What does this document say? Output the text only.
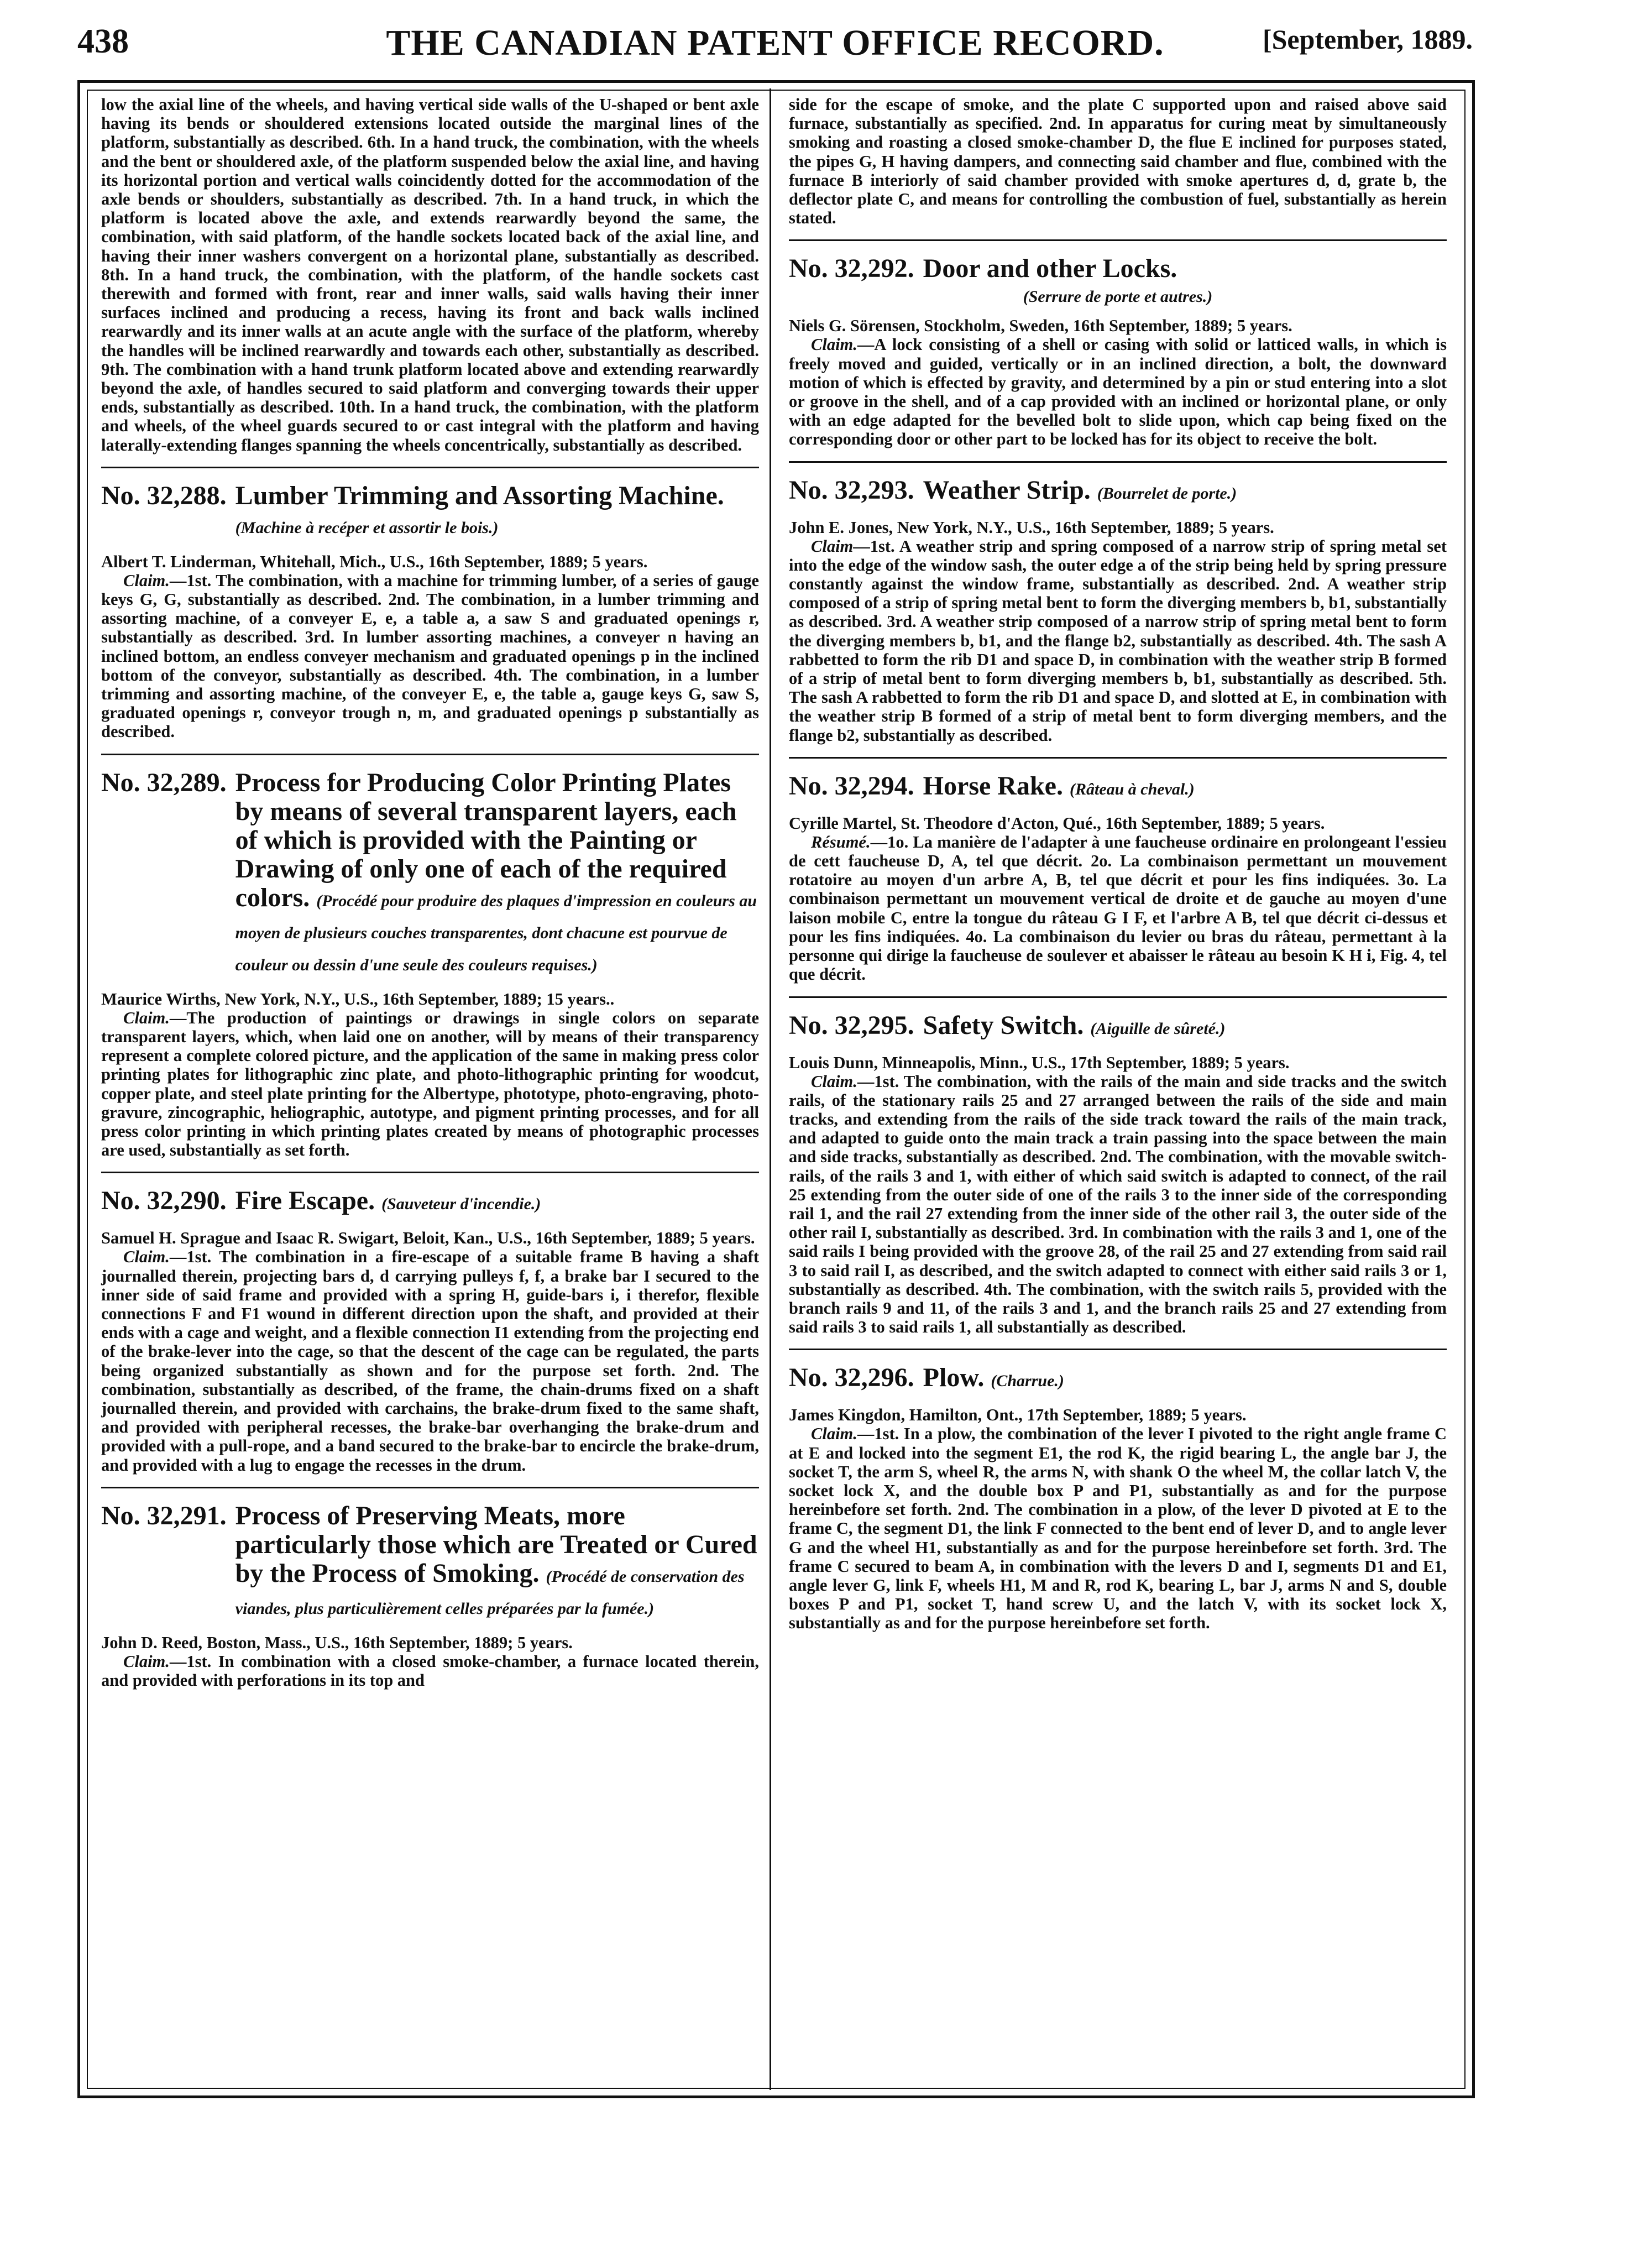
438	THE CANADIAN PATENT OFFICE RECORD.	[September, 1889.

low the axial line of the wheels, and having vertical side walls of the U-shaped or bent axle having its bends or shouldered extensions located outside the marginal lines of the platform, substantially as described. 6th. In a hand truck, the combination, with the wheels and the bent or shouldered axle, of the platform suspended below the axial line, and having its horizontal portion and vertical walls coincidently dotted for the accommodation of the axle bends or shoulders, substantially as described. 7th. In a hand truck, in which the platform is located above the axle, and extends rearwardly beyond the same, the combination, with said platform, of the handle sockets located back of the axial line, and having their inner washers convergent on a horizontal plane, substantially as described. 8th. In a hand truck, the combination, with the platform, of the handle sockets cast therewith and formed with front, rear and inner walls, said walls having their inner surfaces inclined and producing a recess, having its front and back walls inclined rearwardly and its inner walls at an acute angle with the surface of the platform, whereby the handles will be inclined rearwardly and towards each other, substantially as described. 9th. The combination with a hand trunk platform located above and extending rearwardly beyond the axle, of handles secured to said platform and converging towards their upper ends, substantially as described. 10th. In a hand truck, the combination, with the platform and wheels, of the wheel guards secured to or cast integral with the platform and having laterally-extending flanges spanning the wheels concentrically, substantially as described.

No. 32,288. Lumber Trimming and Assorting Machine. (Machine à recéper et assortir le bois.)

Albert T. Linderman, Whitehall, Mich., U.S., 16th September, 1889; 5 years.

Claim.—1st. The combination, with a machine for trimming lumber, of a series of gauge keys G, G, substantially as described. 2nd. The combination, in a lumber trimming and assorting machine, of a conveyer E, e, a table a, a saw S and graduated openings r, substantially as described. 3rd. In lumber assorting machines, a conveyer n having an inclined bottom, an endless conveyer mechanism and graduated openings p in the inclined bottom of the conveyor, substantially as described. 4th. The combination, in a lumber trimming and assorting machine, of the conveyer E, e, the table a, gauge keys G, saw S, graduated openings r, conveyor trough n, m, and graduated openings p substantially as described.

No. 32,289. Process for Producing Color Printing Plates by means of several transparent layers, each of which is provided with the Painting or Drawing of only one of each of the required colors. (Procédé pour produire des plaques d'impression en couleurs au moyen de plusieurs couches transparentes, dont chacune est pourvue de couleur ou dessin d'une seule des couleurs requises.)

Maurice Wirths, New York, N.Y., U.S., 16th September, 1889; 15 years..

Claim.—The production of paintings or drawings in single colors on separate transparent layers, which, when laid one on another, will by means of their transparency represent a complete colored picture, and the application of the same in making press color printing plates for lithographic zinc plate, and photo-lithographic printing for woodcut, copper plate, and steel plate printing for the Albertype, phototype, photo-engraving, photo-gravure, zincographic, heliographic, autotype, and pigment printing processes, and for all press color printing in which printing plates created by means of photographic processes are used, substantially as set forth.

No. 32,290. Fire Escape. (Sauveteur d'incendie.)

Samuel H. Sprague and Isaac R. Swigart, Beloit, Kan., U.S., 16th September, 1889; 5 years.

Claim.—1st. The combination in a fire-escape of a suitable frame B having a shaft journalled therein, projecting bars d, d carrying pulleys f, f, a brake bar I secured to the inner side of said frame and provided with a spring H, guide-bars i, i therefor, flexible connections F and F1 wound in different direction upon the shaft, and provided at their ends with a cage and weight, and a flexible connection I1 extending from the projecting end of the brake-lever into the cage, so that the descent of the cage can be regulated, the parts being organized substantially as shown and for the purpose set forth. 2nd. The combination, substantially as described, of the frame, the chain-drums fixed on a shaft journalled therein, and provided with carchains, the brake-drum fixed to the same shaft, and provided with peripheral recesses, the brake-bar overhanging the brake-drum and provided with a pull-rope, and a band secured to the brake-bar to encircle the brake-drum, and provided with a lug to engage the recesses in the drum.

No. 32,291. Process of Preserving Meats, more particularly those which are Treated or Cured by the Process of Smoking. (Procédé de conservation des viandes, plus particulièrement celles préparées par la fumée.)

John D. Reed, Boston, Mass., U.S., 16th September, 1889; 5 years.

Claim.—1st. In combination with a closed smoke-chamber, a furnace located therein, and provided with perforations in its top and

side for the escape of smoke, and the plate C supported upon and raised above said furnace, substantially as specified. 2nd. In apparatus for curing meat by simultaneously smoking and roasting a closed smoke-chamber D, the flue E inclined for purposes stated, the pipes G, H having dampers, and connecting said chamber and flue, combined with the furnace B interiorly of said chamber provided with smoke apertures d, d, grate b, the deflector plate C, and means for controlling the combustion of fuel, substantially as herein stated.

No. 32,292. Door and other Locks.

(Serrure de porte et autres.)

Niels G. Sörensen, Stockholm, Sweden, 16th September, 1889; 5 years.

Claim.—A lock consisting of a shell or casing with solid or latticed walls, in which is freely moved and guided, vertically or in an inclined direction, a bolt, the downward motion of which is effected by gravity, and determined by a pin or stud entering into a slot or groove in the shell, and of a cap provided with an inclined or horizontal plane, or only with an edge adapted for the bevelled bolt to slide upon, which cap being fixed on the corresponding door or other part to be locked has for its object to receive the bolt.

No. 32,293. Weather Strip. (Bourrelet de porte.)

John E. Jones, New York, N.Y., U.S., 16th September, 1889; 5 years.

Claim—1st. A weather strip and spring composed of a narrow strip of spring metal set into the edge of the window sash, the outer edge a of the strip being held by spring pressure constantly against the window frame, substantially as described. 2nd. A weather strip composed of a strip of spring metal bent to form the diverging members b, b1, substantially as described. 3rd. A weather strip composed of a narrow strip of spring metal bent to form the diverging members b, b1, and the flange b2, substantially as described. 4th. The sash A rabbetted to form the rib D1 and space D, in combination with the weather strip B formed of a strip of metal bent to form diverging members b, b1, substantially as described. 5th. The sash A rabbetted to form the rib D1 and space D, and slotted at E, in combination with the weather strip B formed of a strip of metal bent to form diverging members, and the flange b2, substantially as described.

No. 32,294. Horse Rake. (Râteau à cheval.)

Cyrille Martel, St. Theodore d'Acton, Qué., 16th September, 1889; 5 years.

Résumé.—1o. La manière de l'adapter à une faucheuse ordinaire en prolongeant l'essieu de cett faucheuse D, A, tel que décrit. 2o. La combinaison permettant un mouvement rotatoire au moyen d'un arbre A, B, tel que décrit et pour les fins indiquées. 3o. La combinaison permettant un mouvement vertical de droite et de gauche au moyen d'une laison mobile C, entre la tongue du râteau G I F, et l'arbre A B, tel que décrit ci-dessus et pour les fins indiquées. 4o. La combinaison du levier ou bras du râteau, permettant à la personne qui dirige la faucheuse de soulever et abaisser le râteau au besoin K H i, Fig. 4, tel que décrit.

No. 32,295. Safety Switch. (Aiguille de sûreté.)

Louis Dunn, Minneapolis, Minn., U.S., 17th September, 1889; 5 years.

Claim.—1st. The combination, with the rails of the main and side tracks and the switch rails, of the stationary rails 25 and 27 arranged between the rails of the side and main tracks, and extending from the rails of the side track toward the rails of the main track, and adapted to guide onto the main track a train passing into the space between the main and side tracks, substantially as described. 2nd. The combination, with the movable switch-rails, of the rails 3 and 1, with either of which said switch is adapted to connect, of the rail 25 extending from the outer side of one of the rails 3 to the inner side of the corresponding rail 1, and the rail 27 extending from the inner side of the other rail 3, the outer side of the other rail I, substantially as described. 3rd. In combination with the rails 3 and 1, one of the said rails I being provided with the groove 28, of the rail 25 and 27 extending from said rail 3 to said rail I, as described, and the switch adapted to connect with either said rails 3 or 1, substantially as described. 4th. The combination, with the switch rails 5, provided with the branch rails 9 and 11, of the rails 3 and 1, and the branch rails 25 and 27 extending from said rails 3 to said rails 1, all substantially as described.

No. 32,296. Plow. (Charrue.)

James Kingdon, Hamilton, Ont., 17th September, 1889; 5 years.

Claim.—1st. In a plow, the combination of the lever I pivoted to the right angle frame C at E and locked into the segment E1, the rod K, the rigid bearing L, the angle bar J, the socket T, the arm S, wheel R, the arms N, with shank O the wheel M, the collar latch V, the socket lock X, and the double box P and P1, substantially as and for the purpose hereinbefore set forth. 2nd. The combination in a plow, of the lever D pivoted at E to the frame C, the segment D1, the link F connected to the bent end of lever D, and to angle lever G and the wheel H1, substantially as and for the purpose hereinbefore set forth. 3rd. The frame C secured to beam A, in combination with the levers D and I, segments D1 and E1, angle lever G, link F, wheels H1, M and R, rod K, bearing L, bar J, arms N and S, double boxes P and P1, socket T, hand screw U, and the latch V, with its socket lock X, substantially as and for the purpose hereinbefore set forth.
